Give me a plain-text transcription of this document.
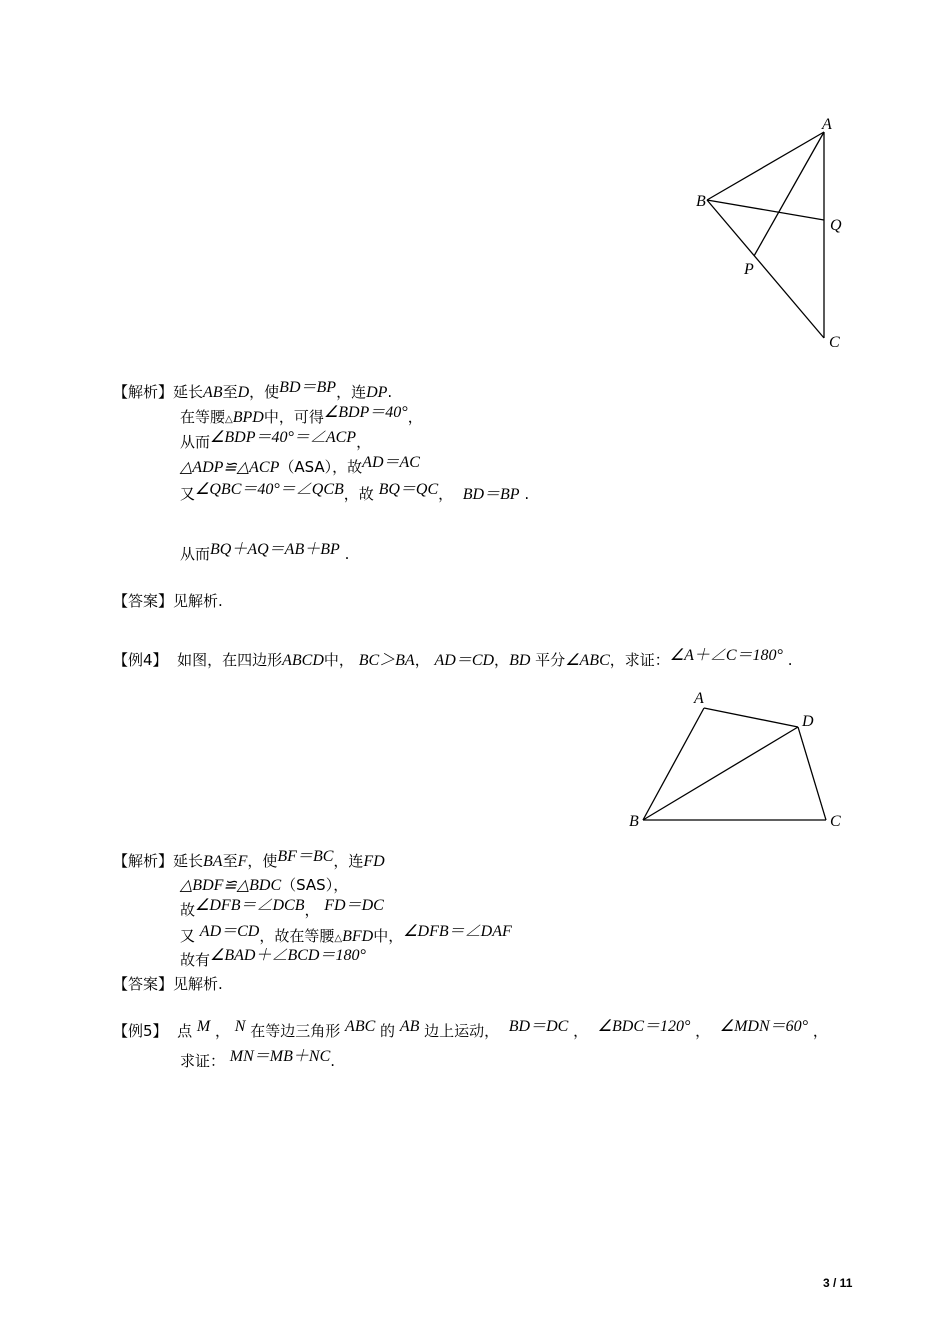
A
B
Q
P
C
【解析】延长AB至D，使BD＝BP，连DP.
在等腰△BPD中，可得∠BDP＝40°，
从而∠BDP＝40°＝∠ACP，
△ADP≌△ACP（ASA），故AD＝AC
又∠QBC＝40°＝∠QCB，故 BQ＝QC， BD＝BP .
从而BQ＋AQ＝AB＋BP .
【答案】见解析.
【例4】 如图，在四边形ABCD中， BC＞BA， AD＝CD，BD 平分∠ABC，求证：∠A＋∠C＝180° .
A
D
B	C
【解析】延长BA至F，使BF＝BC，连FD
△BDF≌△BDC（SAS），
故∠DFB＝∠DCB， FD＝DC
又 AD＝CD，故在等腰△BFD中，∠DFB＝∠DAF
故有∠BAD＋∠BCD＝180°
【答案】见解析.
【例5】 点 M ， N 在等边三角形 ABC 的 AB 边上运动， BD＝DC ， ∠BDC＝120° ， ∠MDN＝60° ，
求证： MN＝MB＋NC.
3 / 11
